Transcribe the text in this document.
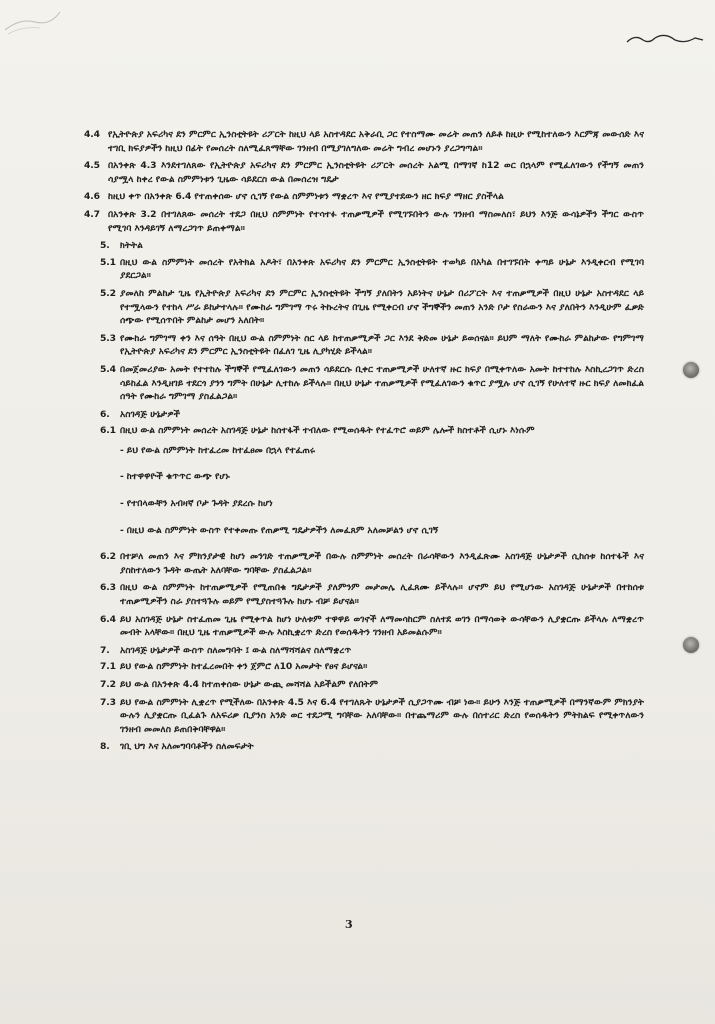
4.4 የኢትዮጵያ አፍሪካና ደን ምርምር ኢንስቲትዩት ሪፖርት ከዚህ ላይ አስተዳደር አቅራቢ ጋር የተስማሙ መሬት መጠን ለይቶ ከዚሁ የሚከተለውን እርምጃ መውሰድ እና ተገቢ ክፍያዎችን ከዚህ በፊት የመሰረት ስለሚፈጸማቸው ገንዘብ በሚያገለግለው መሬት ግብረ መሆኑን ያረጋግጣል።
4.5 በአንቀጽ 4.3 እንደተገለጸው የኢትዮጵያ አፍሪካና ደን ምርምር ኢንስቲትዩት ሪፖርት መሰረት አልሚ በማገኛ ከ12 ወር በኋላም የሚፈለገውን የችግኝ መጠን ሳያሟላ ከቀረ የውል ስምምነቱን ጊዜው ሳይደርስ ውል በመሰረዝ ግዴታ
4.6 ከዚህ ቀጥ በአንቀጽ 6.4 የተጠቀሰው ሆኖ ሲገኝ የውል ስምምነቱን ማቋረጥ እና የሚያተደውን ዘር ክፍያ ማዘር ያስችላል
4.7 በአንቀጽ 3.2 በተገለጸው መሰረት ተደጋ በዚህ ስምምነት የተሳተፉ ተጠቃሚዎች የሚገኙበትን ውሉ ገንዘብ ማስመለስ፣ ይህን እንጅ ውሳኔዎችን ችግር ውስጥ የሚገባ እንዳይገኝ ለማረጋገጥ ይጠቀማል።
5. ክትትል
5.1 በዚህ ውል ስምምነት መሰረት የአትክል አዶት፣ በአንቀጽ አፍሪካና ደን ምርምር ኢንስቲትዩት ተወካይ በአካል በተገኙበት ቀጣይ ሁኔታ እንዲቀርብ የሚገባ ያደርጋል።
5.2 ያመለከ ምልከታ ጊዜ የኢትዮጵያ አፍሪካና ደን ምርምር ኢንስቲትዩት ችግኝ ያለበትን አይነትና ሁኔታ በሪፖርት እና ተጠቃሚዎች በዚህ ሁኔታ አስተዳደር ላይ የተሟላውን የተከላ ሥራ ይከታተላሉ። የሙከራ ግምገማ ጥሩ ትኩረትና በጊዜ የሚቀርብ ሆኖ ችግኞችን መጠን አንድ ቦታ የስራውን እና ያለበትን እንዲሁም ፈቃድ ሰጭው የሚሰጥበት ምልከታ መሆን አለበት።
5.3 የሙከራ ግምገማ ቀን እና ሰዓት በዚህ ውል ስምምነት ስር ላይ ከተጠቃሚዎች ጋር እንደ ቅድመ ሁኔታ ይወሰናል። ይህም ማለት የሙከራ ምልከታው የግምገማ የኢትዮጵያ አፍሪካና ደን ምርምር ኢንስቲትዩት በፈለገ ጊዜ ሊያካሂድ ይችላል።
5.4 በመጀመሪያው አመት የተተከሉ ችግኞች የሚፈለገውን መጠን ሳይደርሱ ቢቀር ተጠቃሚዎች ሁለተኛ ዙር ክፍያ በሚቀጥለው አመት ከተተከሉ እስኪረጋገጥ ድረስ ሳይከፈል እንዲዘገይ ተደርጎ ያንን ግምት በሁኔታ ሊተከሉ ይችላሉ። በዚህ ሁኔታ ተጠቃሚዎች የሚፈለገውን ቁጥር ያሟሉ ሆኖ ሲገኝ የሁለተኛ ዙር ክፍያ ለመክፈል ሰዓት የሙከራ ግምገማ ያስፈልጋል።
6. አስገዳጅ ሁኔታዎች
6.1 በዚህ ውል ስምምነት መሰረት አስገዳጅ ሁኔታ ከሰተፋች ተብለው የሚወሰዱት የተፈጥሮ ወይም ሌሎች ክስተቶች ሲሆኑ እነሱም
- ይህ የውል ስምምነት ከተፈረመ ከተፈፀመ በኋላ የተፈጠሩ
- ከተዋዋዮች ቁጥጥር ውጭ የሆኑ
- የተበላውቸን አብዛኛ ቦታ ጉዳት ያደረሱ ከሆነ
- በዚህ ውል ስምምነት ውስጥ የተቀመጡ የጠቃሚ ግዴታዎችን ለመፈጸም አለመቻልን ሆኖ ሲገኝ
6.2 በተቻለ መጠን እና ምክንያታዊ ከሆነ መንገድ ተጠቃሚዎች በውሉ ስምምነት መሰረት በራሳቸውን እንዲፈጽሙ አስገዳጅ ሁኔታዎች ሲከሰቱ ከሰተፋች እና ያስከተለውን ጉዳት ውጤት አለባቸው ግባቸው ያስፈልጋል።
6.3 በዚህ ውል ስምምነት ከተጠቃሚዎች የሚጠበቁ ግዴታዎች ያለምንም መታመሌ ሊፈጸሙ ይችላሉ። ሆኖም ይህ የሚሆነው አስገዳጅ ሁኔታዎች በተከሰቱ ተጠቃሚዎችን ስራ ያስተጓጉሉ ወይም የሚያስተጓጉሉ ከሆኑ ብቻ ይሆናል።
6.4 ይህ አስገዳጅ ሁኔታ ስተፈጠመ ጊዜ የሚቀጥል ከሆነ ሁለቱም ተዋዋይ ወገኖች ለማመሳከርም ስለተደ ወገን በማሳወቅ ውሳቸውን ሊያቋርጡ ይችላሉ ለማቋረጥ መብት አላቸው። በዚህ ጊዜ ተጠቃሚዎች ውሉ እስኪቋረጥ ድረስ የወሰዱትን ገንዘብ አይመልሱም።
7. አስገዳጅ ሁኔታዎች ውስጥ ስለመግባት ፤ ውል ስለማሻሻልና ስለማቋረጥ
7.1 ይህ የውል ስምምነት ከተፈረመበት ቀን ጀምሮ ለ10 አመታት የፀና ይሆናል።
7.2 ይህ ውል በአንቀጽ 4.4 ከተጠቀሰው ሁኔታ ውጪ መሻሻል አይችልም የለበትም
7.3 ይህ የውል ስምምነት ሊቋረጥ የሚችለው በአንቀጽ 4.5 እና 6.4 የተገለጹት ሁኔታዎች ሲያጋጥሙ ብቻ ነው። ይሁን እንጅ ተጠቃሚዎች በማንኛውም ምክንያት ውሉን ሊያቋርጡ ቢፈልጉ ለአፍሪቃ ቢያንስ አንድ ወር ተደጋሚ ግባቸው አለባቸው። በተጨማሪም ውሉ በሰተሪር ድረስ የወሰዱትን ምትክልፍ የሚቀጥለውን ገንዘብ መመለስ ይጠበቅባቸዋል።
8. ገቢ ህግ እና አለመግባባቶችን ስለመፍታት
3
